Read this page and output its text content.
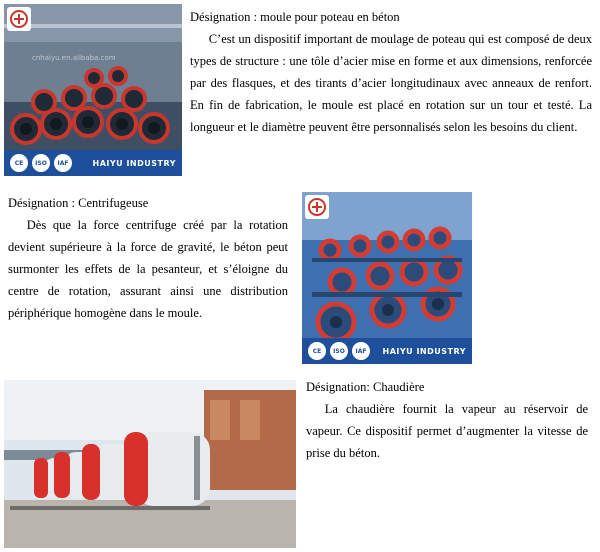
cnhaiyu.en.alibaba.com
CE	ISO	IAF	HAIYU INDUSTRY

Désignation : moule pour poteau en béton

C’est un dispositif important de moulage de poteau qui est composé de deux types de structure : une tôle d’acier mise en forme et aux dimensions, renforcée par des flasques, et des tirants d’acier longitudinaux avec anneaux de renfort. En fin de fabrication, le moule est placé en rotation sur un tour et testé. La longueur et le diamètre peuvent être personnalisés selon les besoins du client.

Désignation : Centrifugeuse

Dès que la force centrifuge créé par la rotation devient supérieure à la force de gravité, le béton peut surmonter les effets de la pesanteur, et s’éloigne du centre de rotation, assurant ainsi une distribution périphérique homogène dans le moule.

CE	ISO	IAF	HAIYU INDUSTRY

Désignation: Chaudière

La chaudière fournit la vapeur au réservoir de vapeur. Ce dispositif permet d’augmenter la vitesse de prise du béton.
